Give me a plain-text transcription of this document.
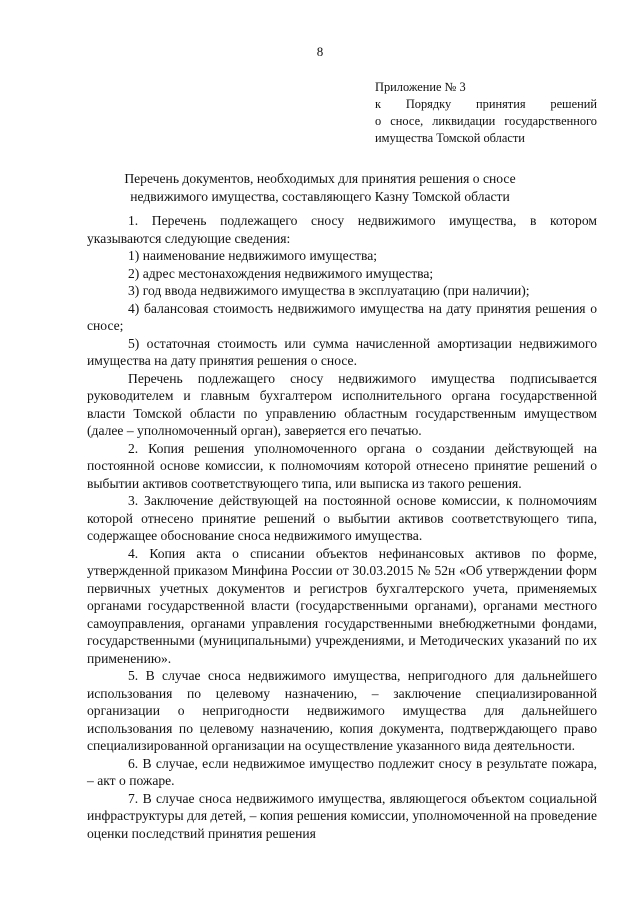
8
Приложение № 3
к Порядку принятия решений
о сносе, ликвидации государственного
имущества Томской области
Перечень документов, необходимых для принятия решения о сносе недвижимого имущества, составляющего Казну Томской области

1. Перечень подлежащего сносу недвижимого имущества, в котором указываются следующие сведения:

1) наименование недвижимого имущества;

2) адрес местонахождения недвижимого имущества;

3) год ввода недвижимого имущества в эксплуатацию (при наличии);

4) балансовая стоимость недвижимого имущества на дату принятия решения о сносе;

5) остаточная стоимость или сумма начисленной амортизации недвижимого имущества на дату принятия решения о сносе.

Перечень подлежащего сносу недвижимого имущества подписывается руководителем и главным бухгалтером исполнительного органа государственной власти Томской области по управлению областным государственным имуществом (далее – уполномоченный орган), заверяется его печатью.

2. Копия решения уполномоченного органа о создании действующей на постоянной основе комиссии, к полномочиям которой отнесено принятие решений о выбытии активов соответствующего типа, или выписка из такого решения.

3. Заключение действующей на постоянной основе комиссии, к полномочиям которой отнесено принятие решений о выбытии активов соответствующего типа, содержащее обоснование сноса недвижимого имущества.

4. Копия акта о списании объектов нефинансовых активов по форме, утвержденной приказом Минфина России от 30.03.2015 № 52н «Об утверждении форм первичных учетных документов и регистров бухгалтерского учета, применяемых органами государственной власти (государственными органами), органами местного самоуправления, органами управления государственными внебюджетными фондами, государственными (муниципальными) учреждениями, и Методических указаний по их применению».

5. В случае сноса недвижимого имущества, непригодного для дальнейшего использования по целевому назначению, – заключение специализированной организации о непригодности недвижимого имущества для дальнейшего использования по целевому назначению, копия документа, подтверждающего право специализированной организации на осуществление указанного вида деятельности.

6. В случае, если недвижимое имущество подлежит сносу в результате пожара, – акт о пожаре.

7. В случае сноса недвижимого имущества, являющегося объектом социальной инфраструктуры для детей, – копия решения комиссии, уполномоченной на проведение оценки последствий принятия решения
